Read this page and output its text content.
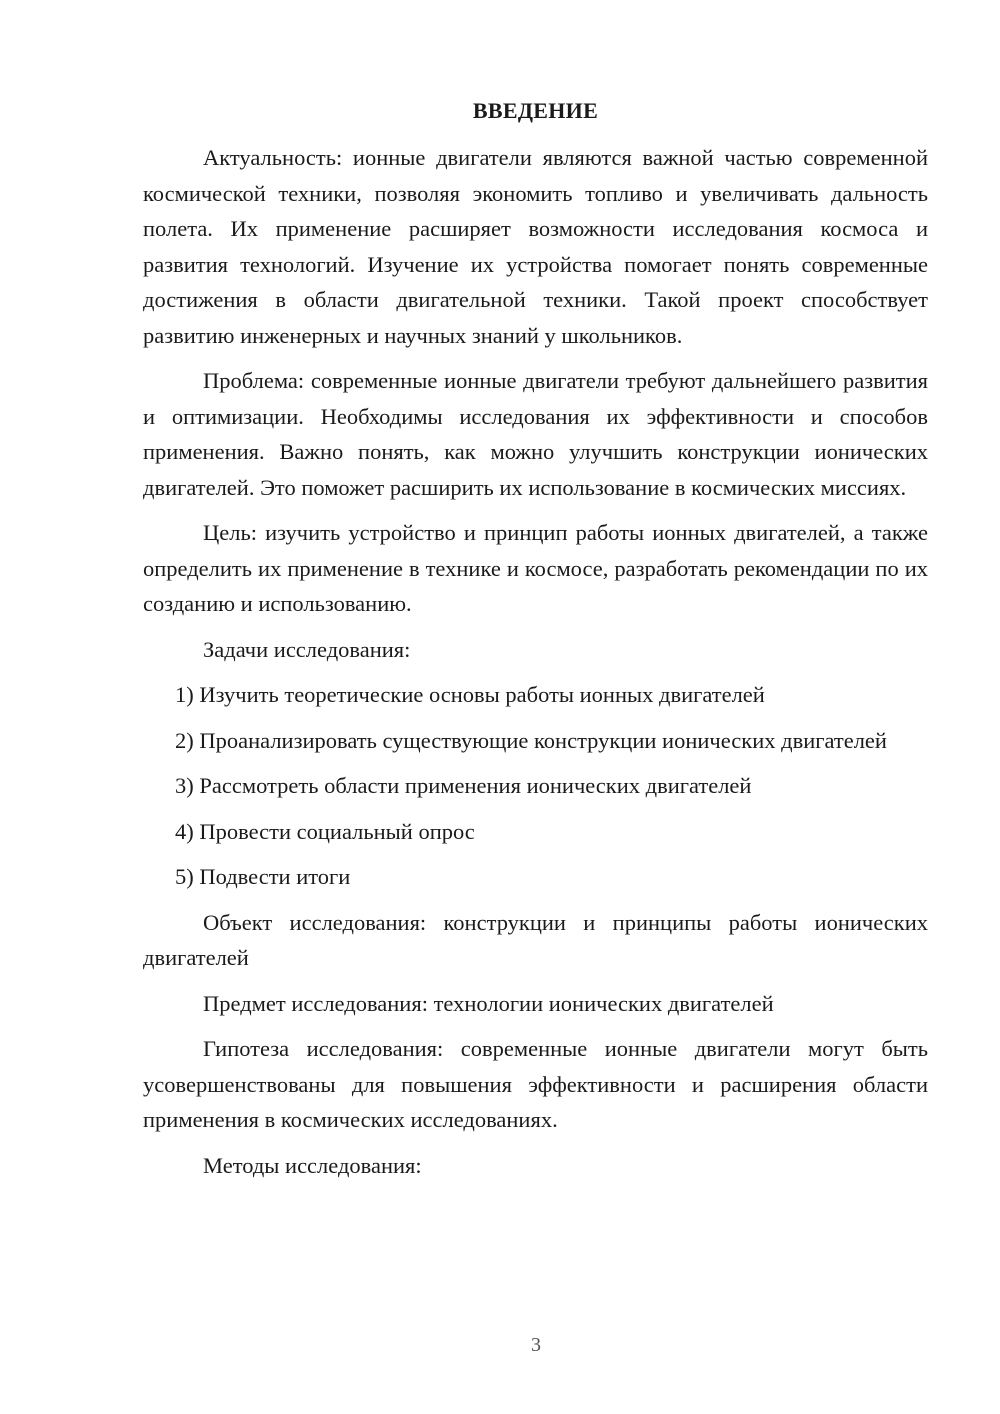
ВВЕДЕНИЕ

Актуальность: ионные двигатели являются важной частью современной космической техники, позволяя экономить топливо и увеличивать дальность полета. Их применение расширяет возможности исследования космоса и развития технологий. Изучение их устройства помогает понять современные достижения в области двигательной техники. Такой проект способствует развитию инженерных и научных знаний у школьников.

Проблема: современные ионные двигатели требуют дальнейшего развития и оптимизации. Необходимы исследования их эффективности и способов применения. Важно понять, как можно улучшить конструкции ионических двигателей. Это поможет расширить их использование в космических миссиях.

Цель: изучить устройство и принцип работы ионных двигателей, а также определить их применение в технике и космосе, разработать рекомендации по их созданию и использованию.

Задачи исследования:

1) Изучить теоретические основы работы ионных двигателей

2) Проанализировать существующие конструкции ионических двигателей

3) Рассмотреть области применения ионических двигателей

4) Провести социальный опрос

5) Подвести итоги

Объект исследования: конструкции и принципы работы ионических двигателей

Предмет исследования: технологии ионических двигателей

Гипотеза исследования: современные ионные двигатели могут быть усовершенствованы для повышения эффективности и расширения области применения в космических исследованиях.

Методы исследования:

3
